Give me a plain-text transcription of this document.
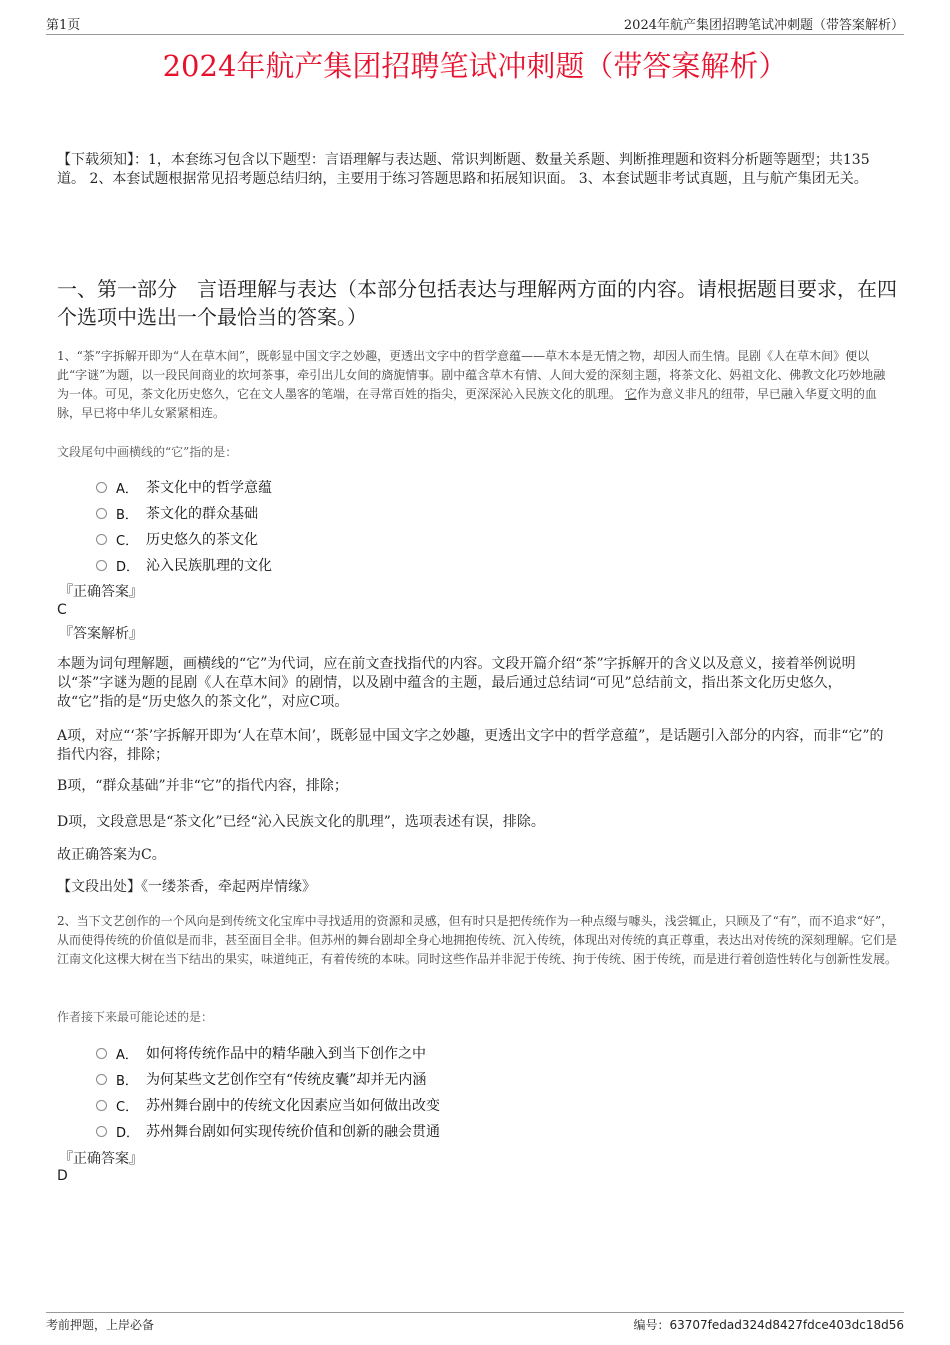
第1页	2024年航产集团招聘笔试冲刺题（带答案解析）
2024年航产集团招聘笔试冲刺题（带答案解析）
【下载须知】：1，本套练习包含以下题型：言语理解与表达题、常识判断题、数量关系题、判断推理题和资料分析题等题型；共135道。 2、本套试题根据常见招考题总结归纳，主要用于练习答题思路和拓展知识面。 3、本套试题非考试真题，且与航产集团无关。
一、第一部分　言语理解与表达（本部分包括表达与理解两方面的内容。请根据题目要求，在四个选项中选出一个最恰当的答案。）
1、“茶”字拆解开即为“人在草木间”，既彰显中国文字之妙趣，更透出文字中的哲学意蕴——草木本是无情之物，却因人而生情。昆剧《人在草木间》便以此“字谜”为题，以一段民间商业的坎坷茶事，牵引出儿女间的旖旎情事。剧中蕴含草木有情、人间大爱的深刻主题，将茶文化、妈祖文化、佛教文化巧妙地融为一体。可见，茶文化历史悠久，它在文人墨客的笔端，在寻常百姓的指尖，更深深沁入民族文化的肌理。 它作为意义非凡的纽带，早已融入华夏文明的血脉，早已将中华儿女紧紧相连。
文段尾句中画横线的“它”指的是：
A． 茶文化中的哲学意蕴
B． 茶文化的群众基础
C． 历史悠久的茶文化
D． 沁入民族肌理的文化
『正确答案』
C
『答案解析』
本题为词句理解题，画横线的“它”为代词，应在前文查找指代的内容。文段开篇介绍“茶”字拆解开的含义以及意义，接着举例说明以“茶”字谜为题的昆剧《人在草木间》的剧情，以及剧中蕴含的主题，最后通过总结词“可见”总结前文，指出茶文化历史悠久，故“它”指的是“历史悠久的茶文化”，对应C项。
A项，对应“‘茶’字拆解开即为‘人在草木间’，既彰显中国文字之妙趣，更透出文字中的哲学意蕴”，是话题引入部分的内容，而非“它”的指代内容，排除；
B项，“群众基础”并非“它”的指代内容，排除；
D项，文段意思是“茶文化”已经“沁入民族文化的肌理”，选项表述有误，排除。
故正确答案为C。
【文段出处】《一缕茶香，牵起两岸情缘》
2、当下文艺创作的一个风向是到传统文化宝库中寻找适用的资源和灵感，但有时只是把传统作为一种点缀与噱头，浅尝辄止，只顾及了“有”，而不追求“好”，从而使得传统的价值似是而非，甚至面目全非。但苏州的舞台剧却全身心地拥抱传统、沉入传统，体现出对传统的真正尊重，表达出对传统的深刻理解。它们是江南文化这棵大树在当下结出的果实，味道纯正，有着传统的本味。同时这些作品并非泥于传统、拘于传统、困于传统，而是进行着创造性转化与创新性发展。
作者接下来最可能论述的是：
A． 如何将传统作品中的精华融入到当下创作之中
B． 为何某些文艺创作空有“传统皮囊”却并无内涵
C． 苏州舞台剧中的传统文化因素应当如何做出改变
D． 苏州舞台剧如何实现传统价值和创新的融会贯通
『正确答案』
D
考前押题，上岸必备	编号：63707fedad324d8427fdce403dc18d56
